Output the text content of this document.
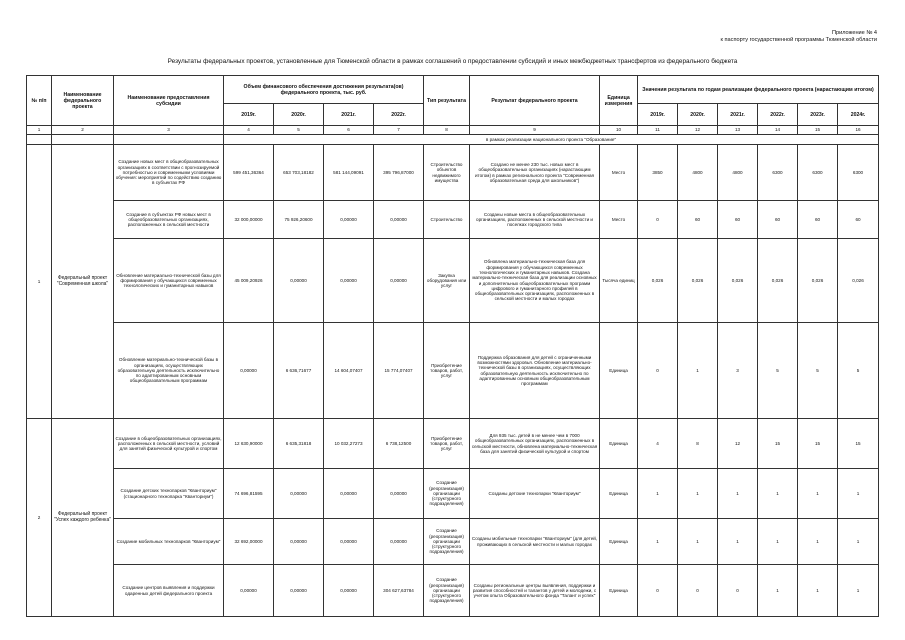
Приложение № 4
к паспорту государственной программы Тюменской области
Результаты федеральных проектов, установленные для Тюменской области в рамках соглашений о предоставлении субсидий и иных межбюджетных трансфертов из федерального бюджета
№ п/п	Наименование федерального проекта	Наименование предоставления субсидии	Объем финансового обеспечения достижения результата(ов) федерального проекта, тыс. руб.				Тип результата	Результат федерального проекта	Единица измерения	Значения результата по годам реализации федерального проекта (нарастающим итогом)					
			2019г.	2020г.	2021г.	2022г.				2019г.	2020г.	2021г.	2022г.	2023г.	2024г.
1	2	3	4	5	6	7	8	9	10	11	12	13	14	15	16
			в рамках реализации национального проекта "Образование"												
1	Федеральный проект "Современная школа"	Создание новых мест в общеобразовательных организациях в соответствии с прогнозируемой потребностью и современными условиями обучения: мероприятий по содействию созданию в субъектах РФ	599 451,36364	653 703,18182	581 144,09091	395 796,87000	Строительство объектов недвижимого имущества	Создано не менее 230 тыс. новых мест в общеобразовательных организациях (нарастающим итогом) в рамках регионального проекта "Современная образовательная среда для школьников")	Место	3850	4800	4800	6300	6300	6300
		Создание в субъектах РФ новых мест в общеобразовательных организациях, расположенных в сельской местности	32 000,00000	75 926,20600	0,00000	0,00000	Строительство	Созданы новые места в общеобразовательных организациях, расположенных в сельской местности и поселках городского типа	Место	0	60	60	60	60	60
		Обновление материально-технической базы для формирования у обучающихся современных технологических и гуманитарных навыков	45 009,20926	0,00000	0,00000	0,00000	Закупка оборудования или услуг	Обновлена материально-техническая база для формирования у обучающихся современных технологических и гуманитарных навыков. Создана материально-техническая база для реализации основных и дополнительных общеобразовательных программ цифрового и гуманитарного профилей в общеобразовательных организациях, расположенных в сельской местности и малых городах	Тысяча единиц	0,026	0,026	0,026	0,026	0,026	0,026
		Обновление материально-технической базы в организациях, осуществляющих образовательную деятельность исключительно по адаптированным основным общеобразовательным программам	0,00000	6 636,71677	14 604,07407	15 774,07407	Приобретение товаров, работ, услуг	Поддержка образования для детей с ограниченными возможностями здоровья. Обновление материально-технической базы в организациях, осуществляющих образовательную деятельность исключительно по адаптированным основным общеобразовательным программам	Единица	0	1	3	5	5	5
2	Федеральный проект "Успех каждого ребенка"	Создание в общеобразовательных организациях, расположенных в сельской местности, условий для занятий физической культурой и спортом	12 630,90000	6 635,31818	10 032,27273	6 738,12500	Приобретение товаров, работ, услуг	Для 935 тыс. детей в не менее чем в 7000 общеобразовательных организациях, расположенных в сельской местности, обновлена материально-техническая база для занятий физической культурой и спортом	Единица	4	8	12	15	15	15
		Создание детских технопарков "Кванториум" (стационарного технопарка "Кванториум")	74 696,81595	0,00000	0,00000	0,00000	Создание (реорганизация) организации (структурного подразделения)	Созданы детские технопарки "Кванториум"	Единица	1	1	1	1	1	1
		Создание мобильных технопарков "Кванториум"	32 692,00000	0,00000	0,00000	0,00000	Создание (реорганизация) организации (структурного подразделения)	Созданы мобильные технопарки "Кванториум" (для детей, проживающих в сельской местности и малых городах	Единица	1	1	1	1	1	1
		Создание центров выявления и поддержки одаренных детей федерального проекта	0,00000	0,00000	0,00000	304 627,63784	Создание (реорганизация) организации (структурного подразделения)	Созданы региональные центры выявления, поддержки и развития способностей и талантов у детей и молодежи, с учетом опыта Образовательного фонда "Талант и успех"	Единица	0	0	0	1	1	1
